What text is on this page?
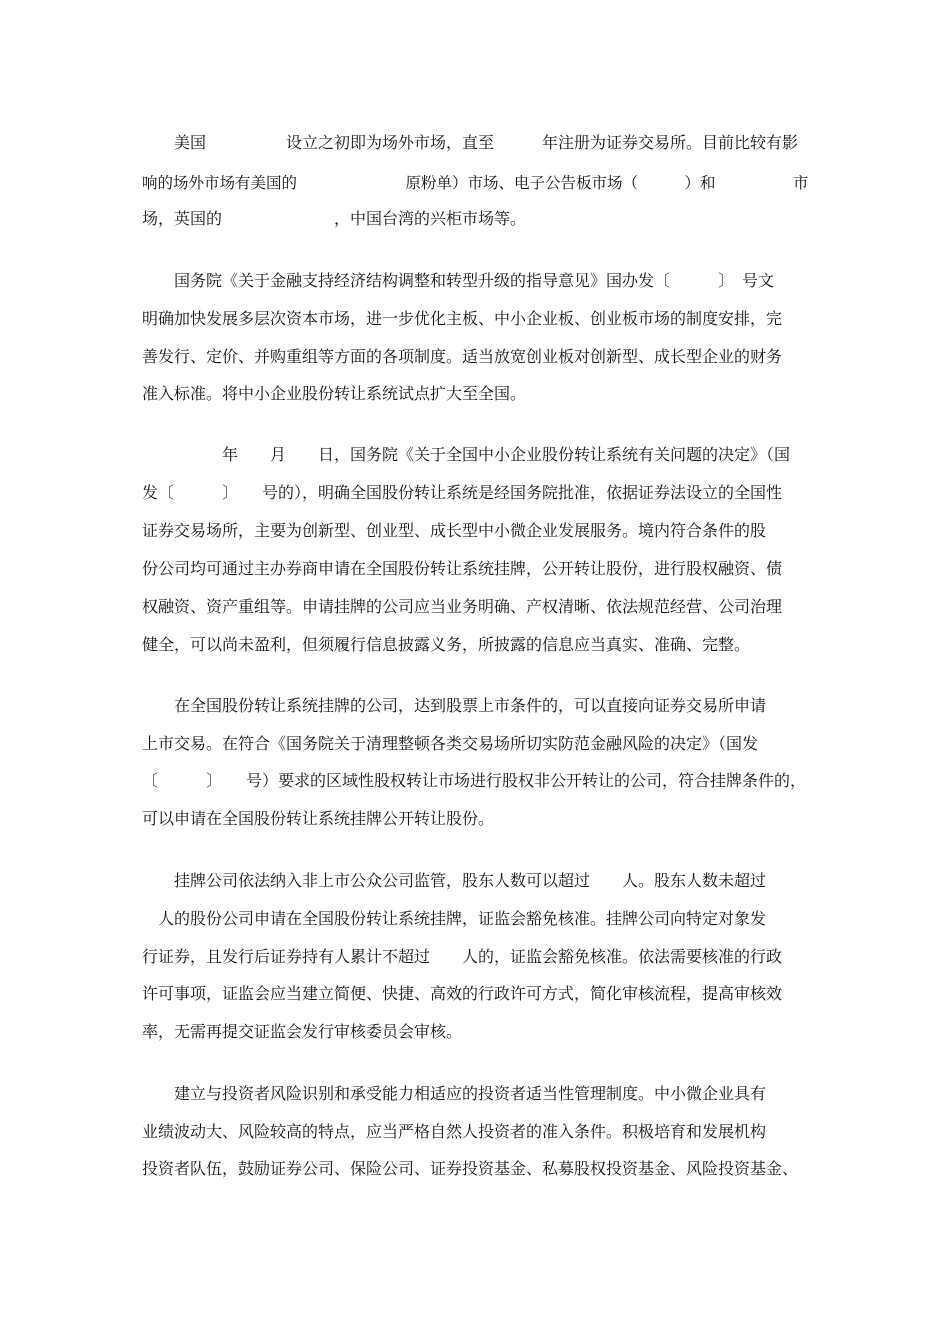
　　美国　　　　　设立之初即为场外市场，直至　　　年注册为证券交易所。目前比较有影
响的场外市场有美国的　　　　　　　原粉单）市场、电子公告板市场（　　　）和　　　　　市
场，英国的　　　　　　　，中国台湾的兴柜市场等。
　　国务院《关于金融支持经济结构调整和转型升级的指导意见》国办发〔　　　〕　号文
明确加快发展多层次资本市场，进一步优化主板、中小企业板、创业板市场的制度安排，完
善发行、定价、并购重组等方面的各项制度。适当放宽创业板对创新型、成长型企业的财务
准入标准。将中小企业股份转让系统试点扩大至全国。
　　　　　年　　月　　日，国务院《关于全国中小企业股份转让系统有关问题的决定》（国
发〔　　　〕　　号的），明确全国股份转让系统是经国务院批准，依据证券法设立的全国性
证券交易场所，主要为创新型、创业型、成长型中小微企业发展服务。境内符合条件的股
份公司均可通过主办券商申请在全国股份转让系统挂牌，公开转让股份，进行股权融资、债
权融资、资产重组等。申请挂牌的公司应当业务明确、产权清晰、依法规范经营、公司治理
健全，可以尚未盈利，但须履行信息披露义务，所披露的信息应当真实、准确、完整。
　　在全国股份转让系统挂牌的公司，达到股票上市条件的，可以直接向证券交易所申请
上市交易。在符合《国务院关于清理整顿各类交易场所切实防范金融风险的决定》（国发
〔　　　〕　　号）要求的区域性股权转让市场进行股权非公开转让的公司，符合挂牌条件的，
可以申请在全国股份转让系统挂牌公开转让股份。
　　挂牌公司依法纳入非上市公众公司监管，股东人数可以超过　　人。股东人数未超过
　人的股份公司申请在全国股份转让系统挂牌，证监会豁免核准。挂牌公司向特定对象发
行证券，且发行后证券持有人累计不超过　　人的，证监会豁免核准。依法需要核准的行政
许可事项，证监会应当建立简便、快捷、高效的行政许可方式，简化审核流程，提高审核效
率，无需再提交证监会发行审核委员会审核。
　　建立与投资者风险识别和承受能力相适应的投资者适当性管理制度。中小微企业具有
业绩波动大、风险较高的特点，应当严格自然人投资者的准入条件。积极培育和发展机构
投资者队伍，鼓励证券公司、保险公司、证券投资基金、私募股权投资基金、风险投资基金、
